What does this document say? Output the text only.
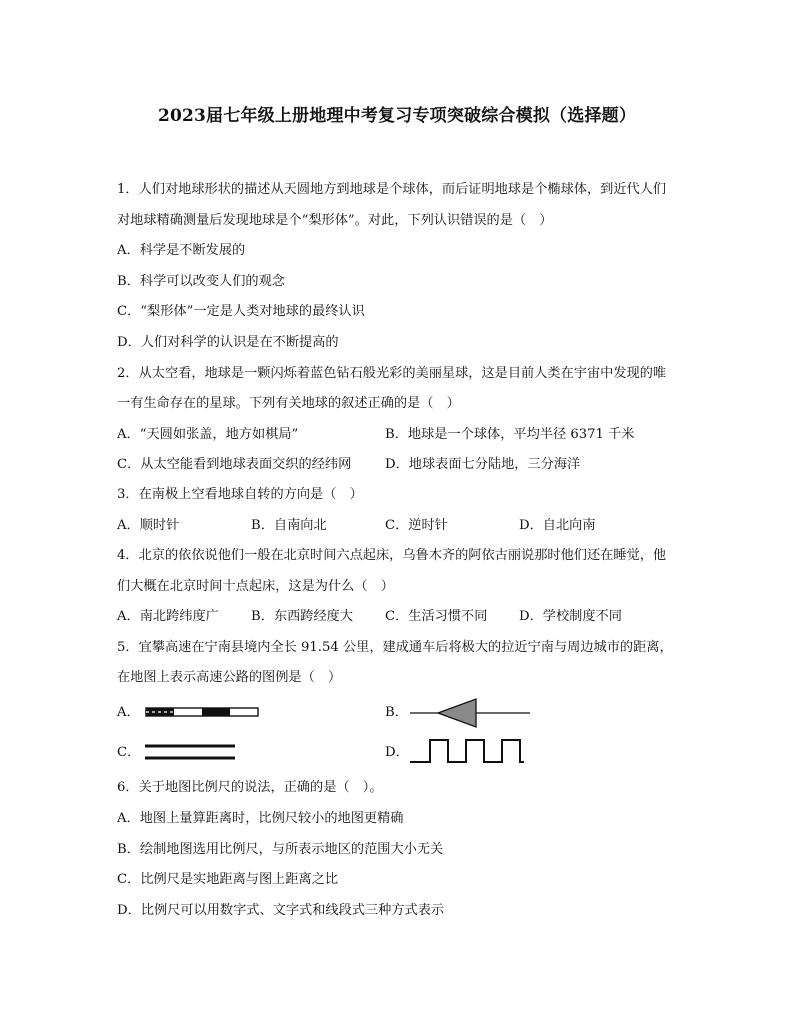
2023届七年级上册地理中考复习专项突破综合模拟（选择题）
1．人们对地球形状的描述从天圆地方到地球是个球体，而后证明地球是个椭球体，到近代人们
对地球精确测量后发现地球是个“梨形体”。对此，下列认识错误的是（　）
A．科学是不断发展的
B．科学可以改变人们的观念
C．“梨形体”一定是人类对地球的最终认识
D．人们对科学的认识是在不断提高的
2．从太空看，地球是一颗闪烁着蓝色钻石般光彩的美丽星球，这是目前人类在宇宙中发现的唯
一有生命存在的星球。下列有关地球的叙述正确的是（　）
A．“天圆如张盖，地方如棋局”	B．地球是一个球体，平均半径 6371 千米
C．从太空能看到地球表面交织的经纬网	D．地球表面七分陆地，三分海洋
3．在南极上空看地球自转的方向是（　）
A．顺时针	B．自南向北	C．逆时针	D．自北向南
4．北京的依依说他们一般在北京时间六点起床，乌鲁木齐的阿依古丽说那时他们还在睡觉，他
们大概在北京时间十点起床，这是为什么（　）
A．南北跨纬度广 B．东西跨经度大 C．生活习惯不同 D．学校制度不同
5．宜攀高速在宁南县境内全长 91.54 公里，建成通车后将极大的拉近宁南与周边城市的距离，
在地图上表示高速公路的图例是（　）
A．	B．
C．	D．
6．关于地图比例尺的说法，正确的是（　）。
A．地图上量算距离时，比例尺较小的地图更精确
B．绘制地图选用比例尺，与所表示地区的范围大小无关
C．比例尺是实地距离与图上距离之比
D．比例尺可以用数字式、文字式和线段式三种方式表示
